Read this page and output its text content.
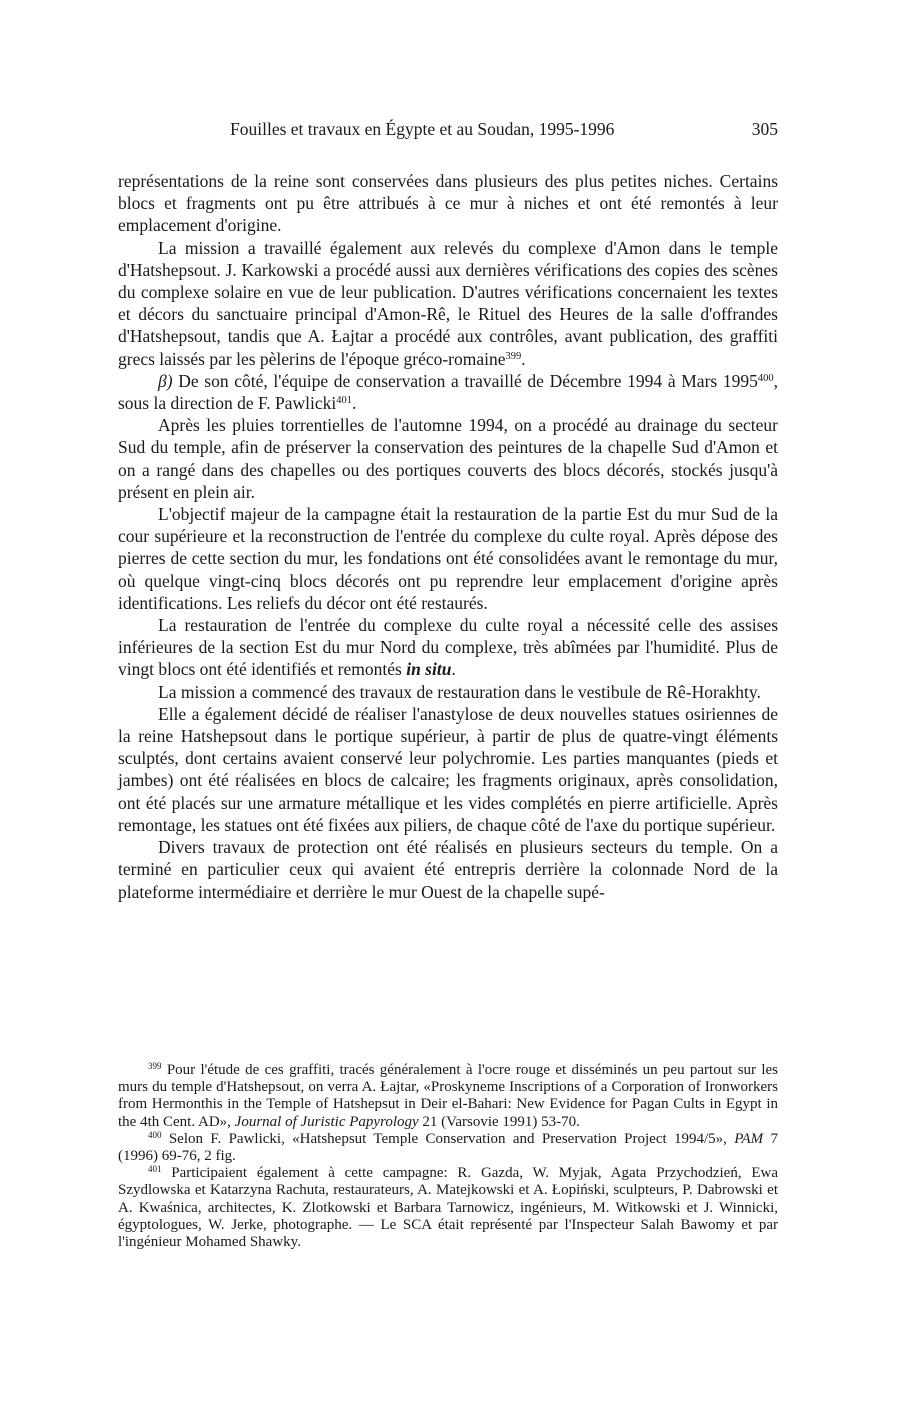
Fouilles et travaux en Égypte et au Soudan, 1995-1996	305

représentations de la reine sont conservées dans plusieurs des plus petites niches. Certains blocs et fragments ont pu être attribués à ce mur à niches et ont été remontés à leur emplacement d'origine.

La mission a travaillé également aux relevés du complexe d'Amon dans le temple d'Hatshepsout. J. Karkowski a procédé aussi aux dernières vérifications des copies des scènes du complexe solaire en vue de leur publication. D'autres vérifications concernaient les textes et décors du sanctuaire principal d'Amon-Rê, le Rituel des Heures de la salle d'offrandes d'Hatshepsout, tandis que A. Łajtar a procédé aux contrôles, avant publication, des graffiti grecs laissés par les pèlerins de l'époque gréco-romaine$^{399}$.

β) De son côté, l'équipe de conservation a travaillé de Décembre 1994 à Mars 1995$^{400}$, sous la direction de F. Pawlicki$^{401}$.

Après les pluies torrentielles de l'automne 1994, on a procédé au drainage du secteur Sud du temple, afin de préserver la conservation des peintures de la chapelle Sud d'Amon et on a rangé dans des chapelles ou des portiques couverts des blocs décorés, stockés jusqu'à présent en plein air.

L'objectif majeur de la campagne était la restauration de la partie Est du mur Sud de la cour supérieure et la reconstruction de l'entrée du complexe du culte royal. Après dépose des pierres de cette section du mur, les fondations ont été consolidées avant le remontage du mur, où quelque vingt-cinq blocs décorés ont pu reprendre leur emplacement d'origine après identifications. Les reliefs du décor ont été restaurés.

La restauration de l'entrée du complexe du culte royal a nécessité celle des assises inférieures de la section Est du mur Nord du complexe, très abîmées par l'humidité. Plus de vingt blocs ont été identifiés et remontés in situ.

La mission a commencé des travaux de restauration dans le vestibule de Rê-Horakhty.

Elle a également décidé de réaliser l'anastylose de deux nouvelles statues osiriennes de la reine Hatshepsout dans le portique supérieur, à partir de plus de quatre-vingt éléments sculptés, dont certains avaient conservé leur polychromie. Les parties manquantes (pieds et jambes) ont été réalisées en blocs de calcaire; les fragments originaux, après consolidation, ont été placés sur une armature métallique et les vides complétés en pierre artificielle. Après remontage, les statues ont été fixées aux piliers, de chaque côté de l'axe du portique supérieur.

Divers travaux de protection ont été réalisés en plusieurs secteurs du temple. On a terminé en particulier ceux qui avaient été entrepris derrière la colonnade Nord de la plateforme intermédiaire et derrière le mur Ouest de la chapelle supé-

$^{399}$ Pour l'étude de ces graffiti, tracés généralement à l'ocre rouge et disséminés un peu partout sur les murs du temple d'Hatshepsout, on verra A. Łajtar, «Proskyneme Inscriptions of a Corporation of Ironworkers from Hermonthis in the Temple of Hatshepsut in Deir el-Bahari: New Evidence for Pagan Cults in Egypt in the 4th Cent. AD», Journal of Juristic Papyrology 21 (Varsovie 1991) 53-70.

$^{400}$ Selon F. Pawlicki, «Hatshepsut Temple Conservation and Preservation Project 1994/5», PAM 7 (1996) 69-76, 2 fig.

$^{401}$ Participaient également à cette campagne: R. Gazda, W. Myjak, Agata Przychodzień, Ewa Szydlowska et Katarzyna Rachuta, restaurateurs, A. Matejkowski et A. Łopiński, sculpteurs, P. Dabrowski et A. Kwaśnica, architectes, K. Zlotkowski et Barbara Tarnowicz, ingénieurs, M. Witkowski et J. Winnicki, égyptologues, W. Jerke, photographe. — Le SCA était représenté par l'Inspecteur Salah Bawomy et par l'ingénieur Mohamed Shawky.
